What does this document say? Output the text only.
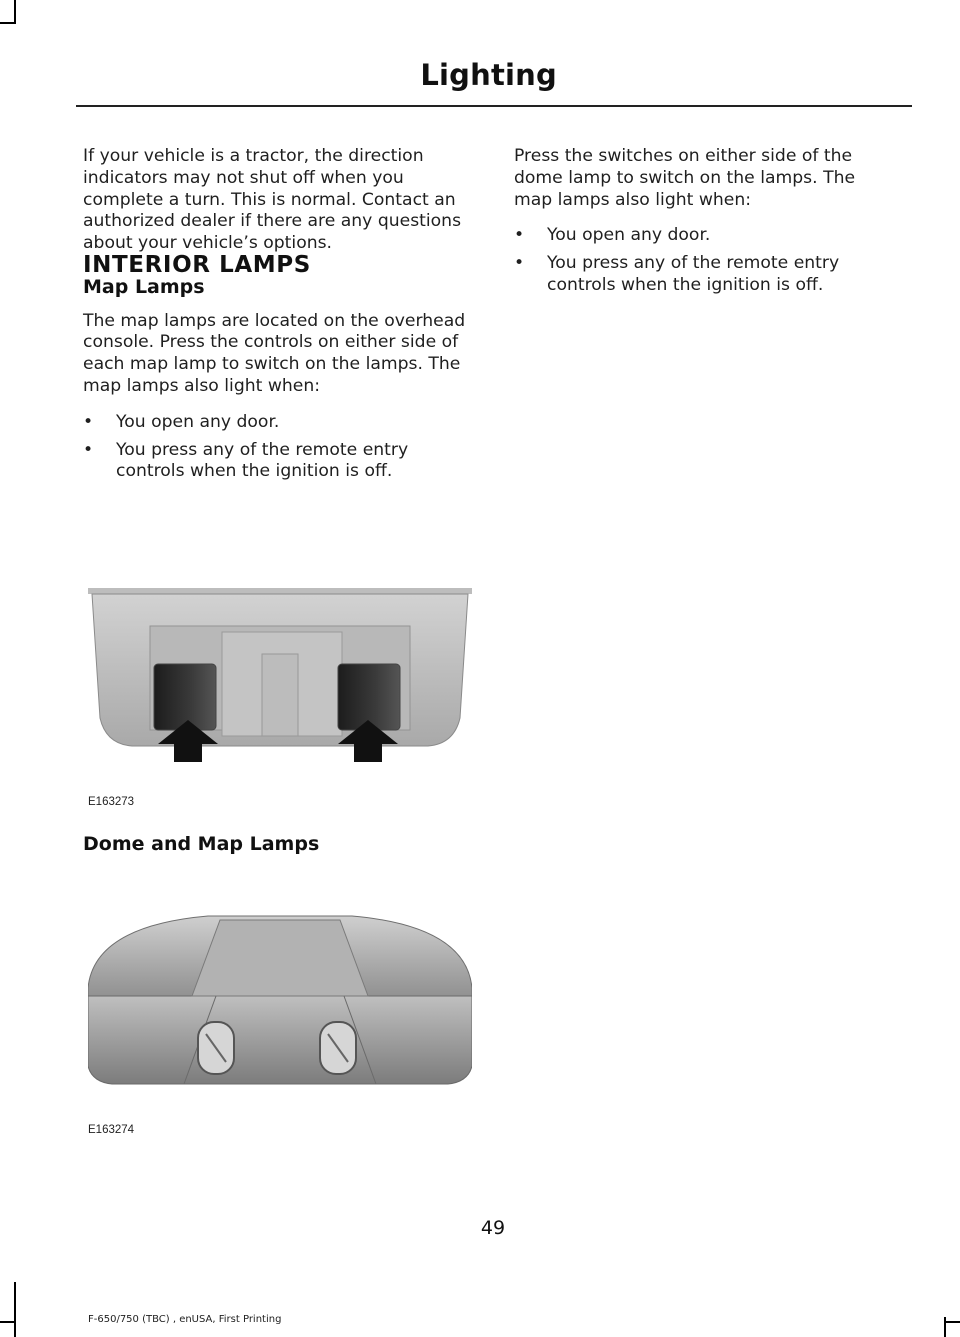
Lighting

If your vehicle is a tractor, the direction indicators may not shut off when you complete a turn. This is normal. Contact an authorized dealer if there are any questions about your vehicle’s options.

INTERIOR LAMPS

Map Lamps

The map lamps are located on the overhead console. Press the controls on either side of each map lamp to switch on the lamps. The map lamps also light when:

• You open any door.
• You press any of the remote entry controls when the ignition is off.
E163273
Dome and Map Lamps
E163274

Press the switches on either side of the dome lamp to switch on the lamps. The map lamps also light when:

• You open any door.
• You press any of the remote entry controls when the ignition is off.
49
F-650/750 (TBC) , enUSA, First Printing
